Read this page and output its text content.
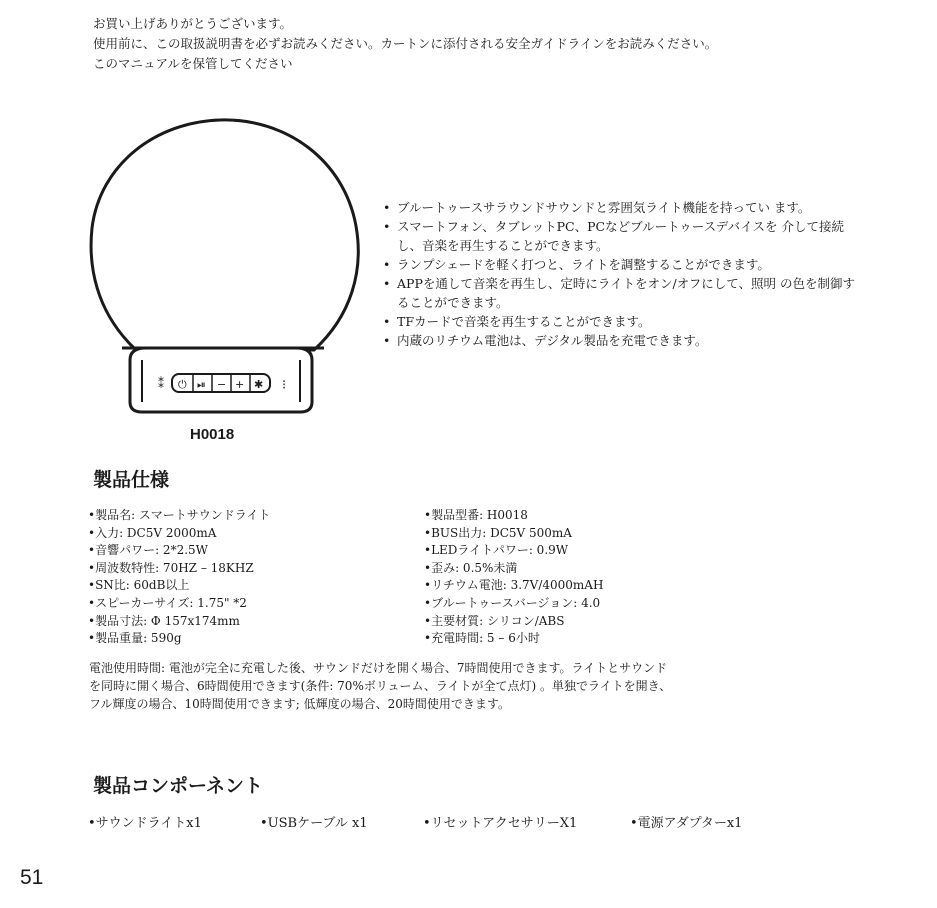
お買い上げありがとうございます。
使用前に、この取扱説明書を必ずお読みください。カートンに添付される安全ガイドラインをお読みください。
このマニュアルを保管してください
⁑ ⏻ ⏯ − + ✱ ⁝
H0018
• ブルートゥースサラウンドサウンドと雰囲気ライト機能を持ってい ます。
• スマートフォン、タブレットPC、PCなどブルートゥースデバイスを 介して接続し、音楽を再生することができます。
• ランプシェードを軽く打つと、ライトを調整することができます。
• APPを通して音楽を再生し、定時にライトをオン/オフにして、照明 の色を制御することができます。
• TFカードで音楽を再生することができます。
• 内蔵のリチウム電池は、デジタル製品を充電できます。
製品仕様
•製品名: スマートサウンドライト
•入力: DC5V 2000mA
•音響パワー: 2*2.5W
•周波数特性: 70HZ – 18KHZ
•SN比: 60dB以上
•スピーカーサイズ: 1.75" *2
•製品寸法: Φ 157x174mm
•製品重量: 590g
•製品型番: H0018
•BUS出力: DC5V 500mA
•LEDライトパワー: 0.9W
•歪み: 0.5%未満
•リチウム電池: 3.7V/4000mAH
•ブルートゥースバージョン: 4.0
•主要材質: シリコン/ABS
•充電時間: 5 – 6小时
電池使用時間: 電池が完全に充電した後、サウンドだけを開く場合、7時間使用できます。ライトとサウンド
を同時に開く場合、6時間使用できます(条件: 70%ボリューム、ライトが全て点灯) 。単独でライトを開き、
フル輝度の場合、10時間使用できます; 低輝度の場合、20時間使用できます。
製品コンポーネント
•サウンドライトx1	•USBケーブル x1	•リセットアクセサリーX1	•電源アダプターx1
51
